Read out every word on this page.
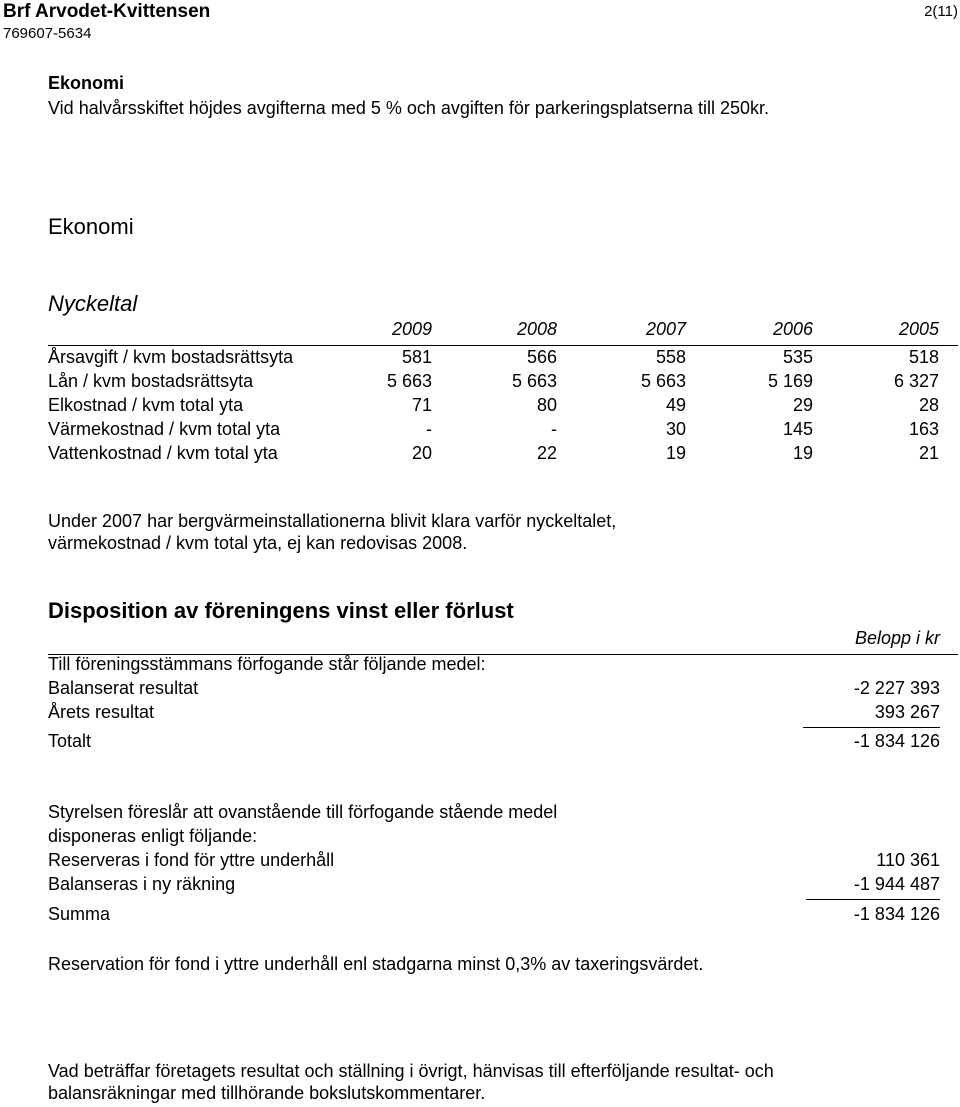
Brf Arvodet-Kvittensen
769607-5634
2(11)
Ekonomi
Vid halvårsskiftet höjdes avgifterna med 5 % och avgiften för parkeringsplatserna till 250kr.
Ekonomi
Nyckeltal
2009	2008	2007	2006	2005
Årsavgift / kvm bostadsrättsyta	581	566	558	535	518
Lån / kvm bostadsrättsyta	5 663	5 663	5 663	5 169	6 327
Elkostnad / kvm total yta	71	80	49	29	28
Värmekostnad / kvm total yta	-	-	30	145	163
Vattenkostnad / kvm total yta	20	22	19	19	21
Under 2007 har bergvärmeinstallationerna blivit klara varför nyckeltalet,
värmekostnad / kvm total yta, ej kan redovisas 2008.
Disposition av föreningens vinst eller förlust
Belopp i kr
Till föreningsstämmans förfogande står följande medel:
Balanserat resultat	-2 227 393
Årets resultat	393 267
Totalt	-1 834 126
Styrelsen föreslår att ovanstående till förfogande stående medel
disponeras enligt följande:
Reserveras i fond för yttre underhåll	110 361
Balanseras i ny räkning	-1 944 487
Summa	-1 834 126
Reservation för fond i yttre underhåll enl stadgarna minst 0,3% av taxeringsvärdet.
Vad beträffar företagets resultat och ställning i övrigt, hänvisas till efterföljande resultat- och
balansräkningar med tillhörande bokslutskommentarer.
